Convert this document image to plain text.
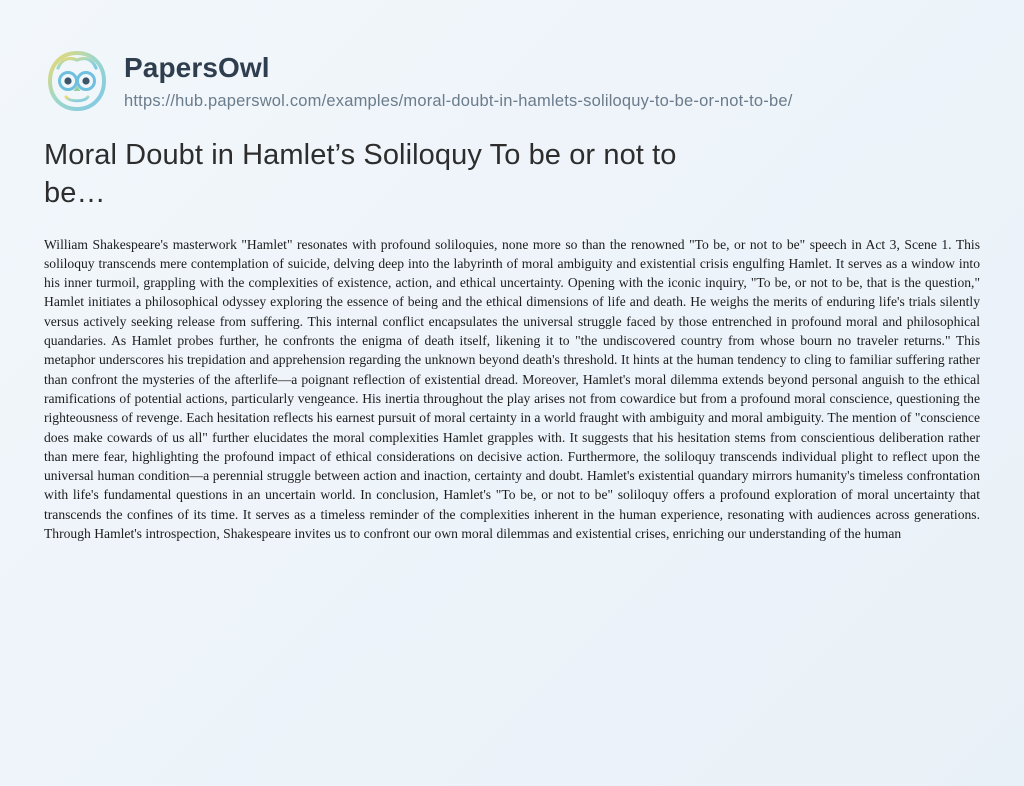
PapersOwl
https://hub.paperswol.com/examples/moral-doubt-in-hamlets-soliloquy-to-be-or-not-to-be/
Moral Doubt in Hamlet’s Soliloquy To be or not to be…

William Shakespeare's masterwork "Hamlet" resonates with profound soliloquies, none more so than the renowned "To be, or not to be" speech in Act 3, Scene 1. This soliloquy transcends mere contemplation of suicide, delving deep into the labyrinth of moral ambiguity and existential crisis engulfing Hamlet. It serves as a window into his inner turmoil, grappling with the complexities of existence, action, and ethical uncertainty. Opening with the iconic inquiry, "To be, or not to be, that is the question," Hamlet initiates a philosophical odyssey exploring the essence of being and the ethical dimensions of life and death. He weighs the merits of enduring life's trials silently versus actively seeking release from suffering. This internal conflict encapsulates the universal struggle faced by those entrenched in profound moral and philosophical quandaries. As Hamlet probes further, he confronts the enigma of death itself, likening it to "the undiscovered country from whose bourn no traveler returns." This metaphor underscores his trepidation and apprehension regarding the unknown beyond death's threshold. It hints at the human tendency to cling to familiar suffering rather than confront the mysteries of the afterlife—a poignant reflection of existential dread. Moreover, Hamlet's moral dilemma extends beyond personal anguish to the ethical ramifications of potential actions, particularly vengeance. His inertia throughout the play arises not from cowardice but from a profound moral conscience, questioning the righteousness of revenge. Each hesitation reflects his earnest pursuit of moral certainty in a world fraught with ambiguity and moral ambiguity. The mention of "conscience does make cowards of us all" further elucidates the moral complexities Hamlet grapples with. It suggests that his hesitation stems from conscientious deliberation rather than mere fear, highlighting the profound impact of ethical considerations on decisive action. Furthermore, the soliloquy transcends individual plight to reflect upon the universal human condition—a perennial struggle between action and inaction, certainty and doubt. Hamlet's existential quandary mirrors humanity's timeless confrontation with life's fundamental questions in an uncertain world. In conclusion, Hamlet's "To be, or not to be" soliloquy offers a profound exploration of moral uncertainty that transcends the confines of its time. It serves as a timeless reminder of the complexities inherent in the human experience, resonating with audiences across generations. Through Hamlet's introspection, Shakespeare invites us to confront our own moral dilemmas and existential crises, enriching our understanding of the human
